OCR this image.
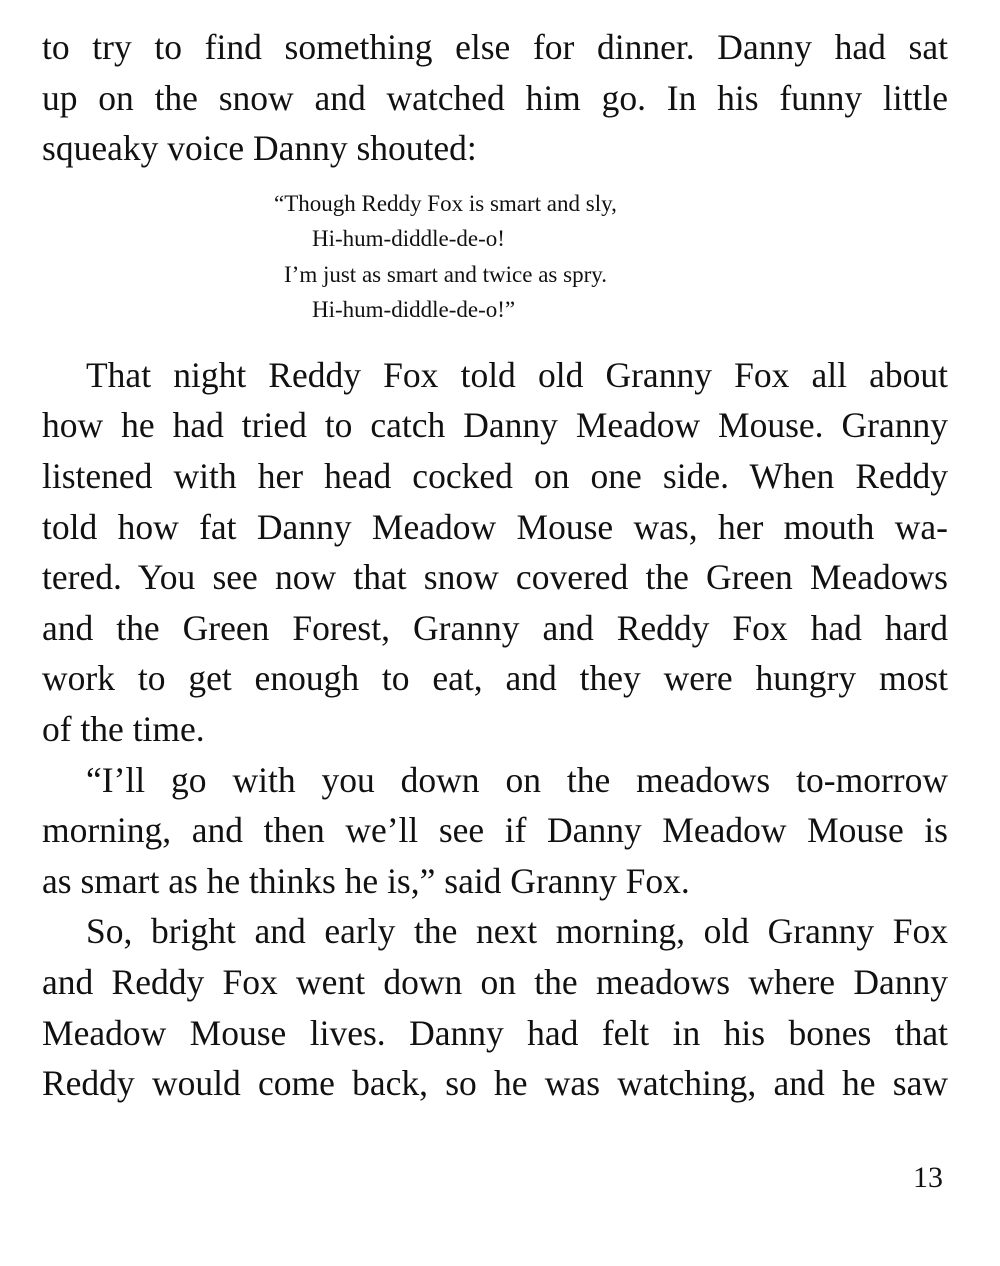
to try to find something else for dinner. Danny had sat
up on the snow and watched him go. In his funny little
squeaky voice Danny shouted:
“Though Reddy Fox is smart and sly,
Hi-hum-diddle-de-o!
I’m just as smart and twice as spry.
Hi-hum-diddle-de-o!”
That night Reddy Fox told old Granny Fox all about
how he had tried to catch Danny Meadow Mouse. Granny
listened with her head cocked on one side. When Reddy
told how fat Danny Meadow Mouse was, her mouth wa-
tered. You see now that snow covered the Green Meadows
and the Green Forest, Granny and Reddy Fox had hard
work to get enough to eat, and they were hungry most
of the time.
“I’ll go with you down on the meadows to-morrow
morning, and then we’ll see if Danny Meadow Mouse is
as smart as he thinks he is,” said Granny Fox.
So, bright and early the next morning, old Granny Fox
and Reddy Fox went down on the meadows where Danny
Meadow Mouse lives. Danny had felt in his bones that
Reddy would come back, so he was watching, and he saw
13
